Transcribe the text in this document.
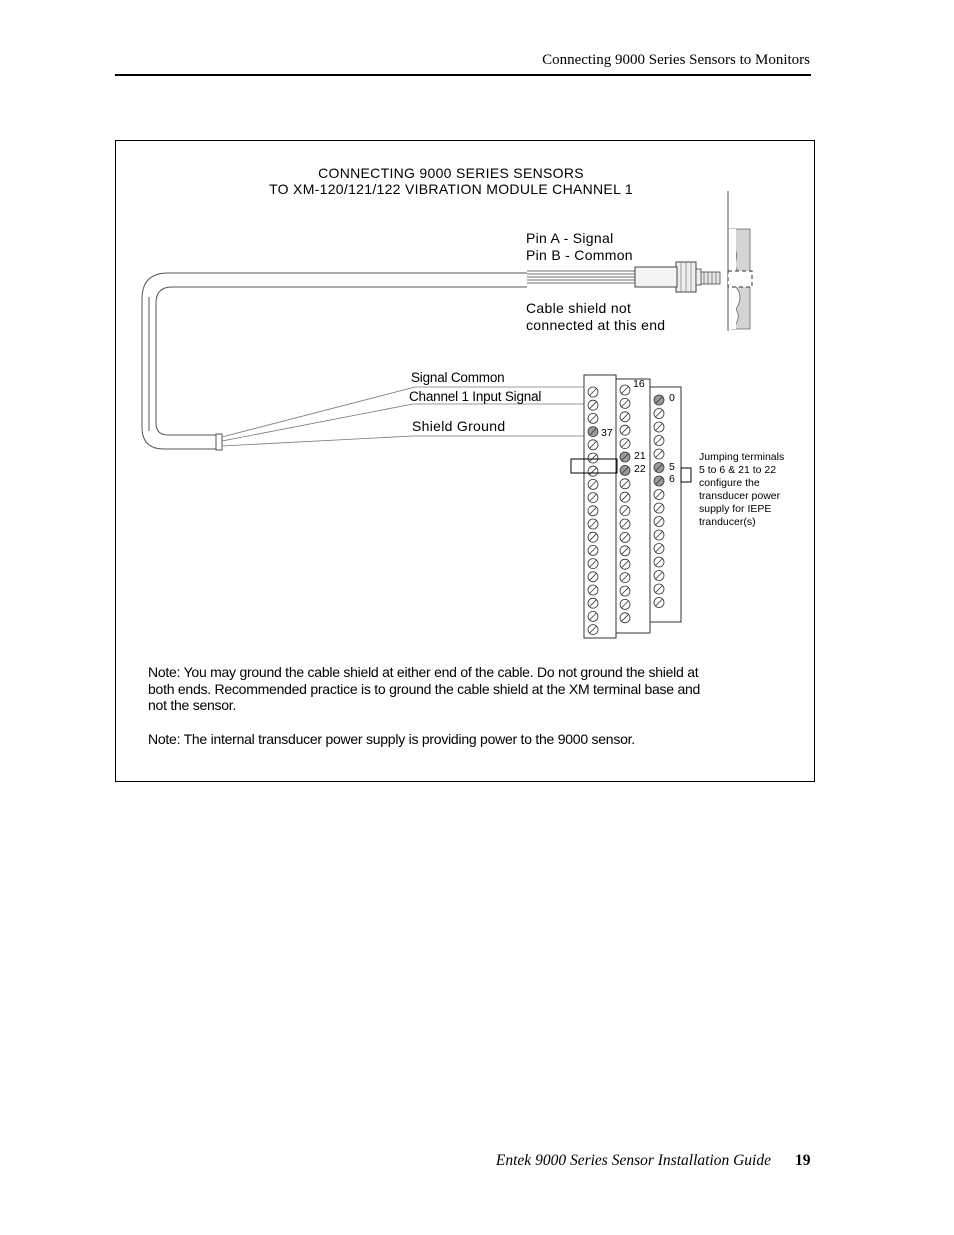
Connecting 9000 Series Sensors to Monitors
CONNECTING 9000 SERIES SENSORS
TO XM-120/121/122 VIBRATION MODULE CHANNEL 1
Pin A - Signal
Pin B - Common
Cable shield not
connected at this end
Signal Common
Channel 1 Input Signal
Shield Ground
16
0
37
21
22 5
6
Jumping terminals
5 to 6 & 21 to 22
configure the
transducer power
supply for IEPE
tranducer(s)

Note: You may ground the cable shield at either end of the cable. Do not ground the shield at both ends. Recommended practice is to ground the cable shield at the XM terminal base and not the sensor.

Note: The internal transducer power supply is providing power to the 9000 sensor.

Entek 9000 Series Sensor Installation Guide 19
